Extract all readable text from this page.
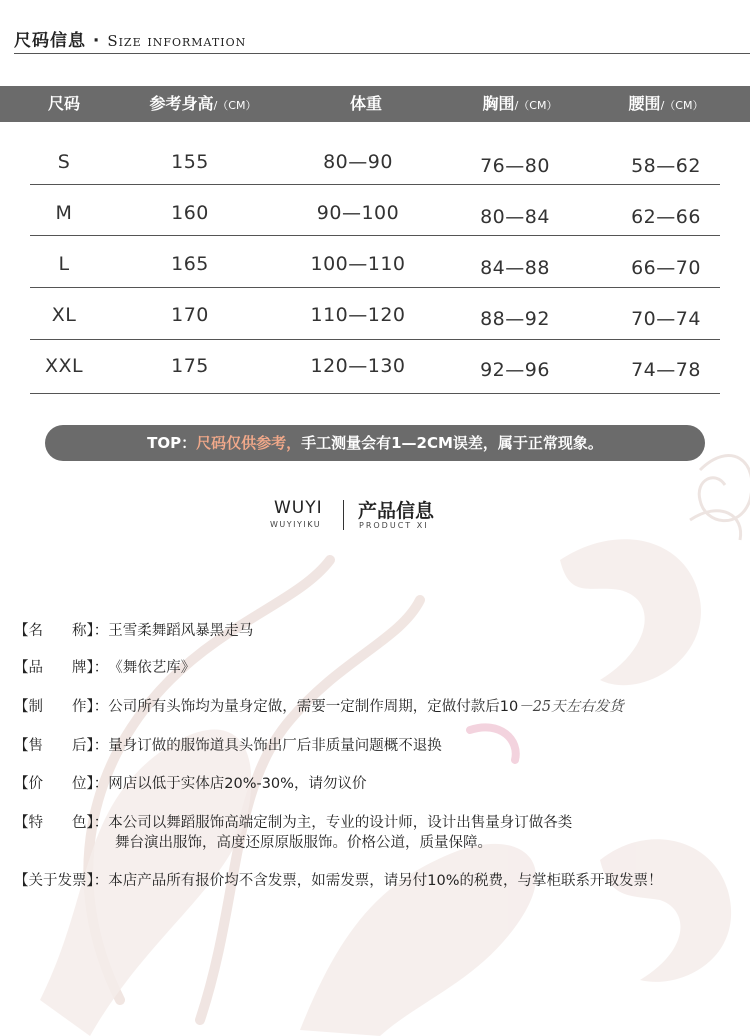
尺码信息 · Size information
尺码	参考身高/（CM）	体重	胸围/（CM）	腰围/（CM）
S	155	80—90	76—80	58—62
M	160	90—100	80—84	62—66
L	165	100—110	84—88	66—70
XL	170	110—120	88—92	70—74
XXL	175	120—130	92—96	74—78
TOP：尺码仅供参考，手工测量会有1—2CM误差，属于正常现象。
WUYI
WUYIYIKU
产品信息
PRODUCT XI
【名　　称】：王雪柔舞蹈风暴黑走马
【品　　牌】：《舞依艺库》
【制　　作】：公司所有头饰均为量身定做，需要一定制作周期，定做付款后10－25天左右发货
【售　　后】：量身订做的服饰道具头饰出厂后非质量问题概不退换
【价　　位】：网店以低于实体店20%-30%，请勿议价
【特　　色】：本公司以舞蹈服饰高端定制为主，专业的设计师，设计出售量身订做各类
舞台演出服饰，高度还原原版服饰。价格公道，质量保障。
【关于发票】：本店产品所有报价均不含发票，如需发票，请另付10%的税费，与掌柜联系开取发票！
